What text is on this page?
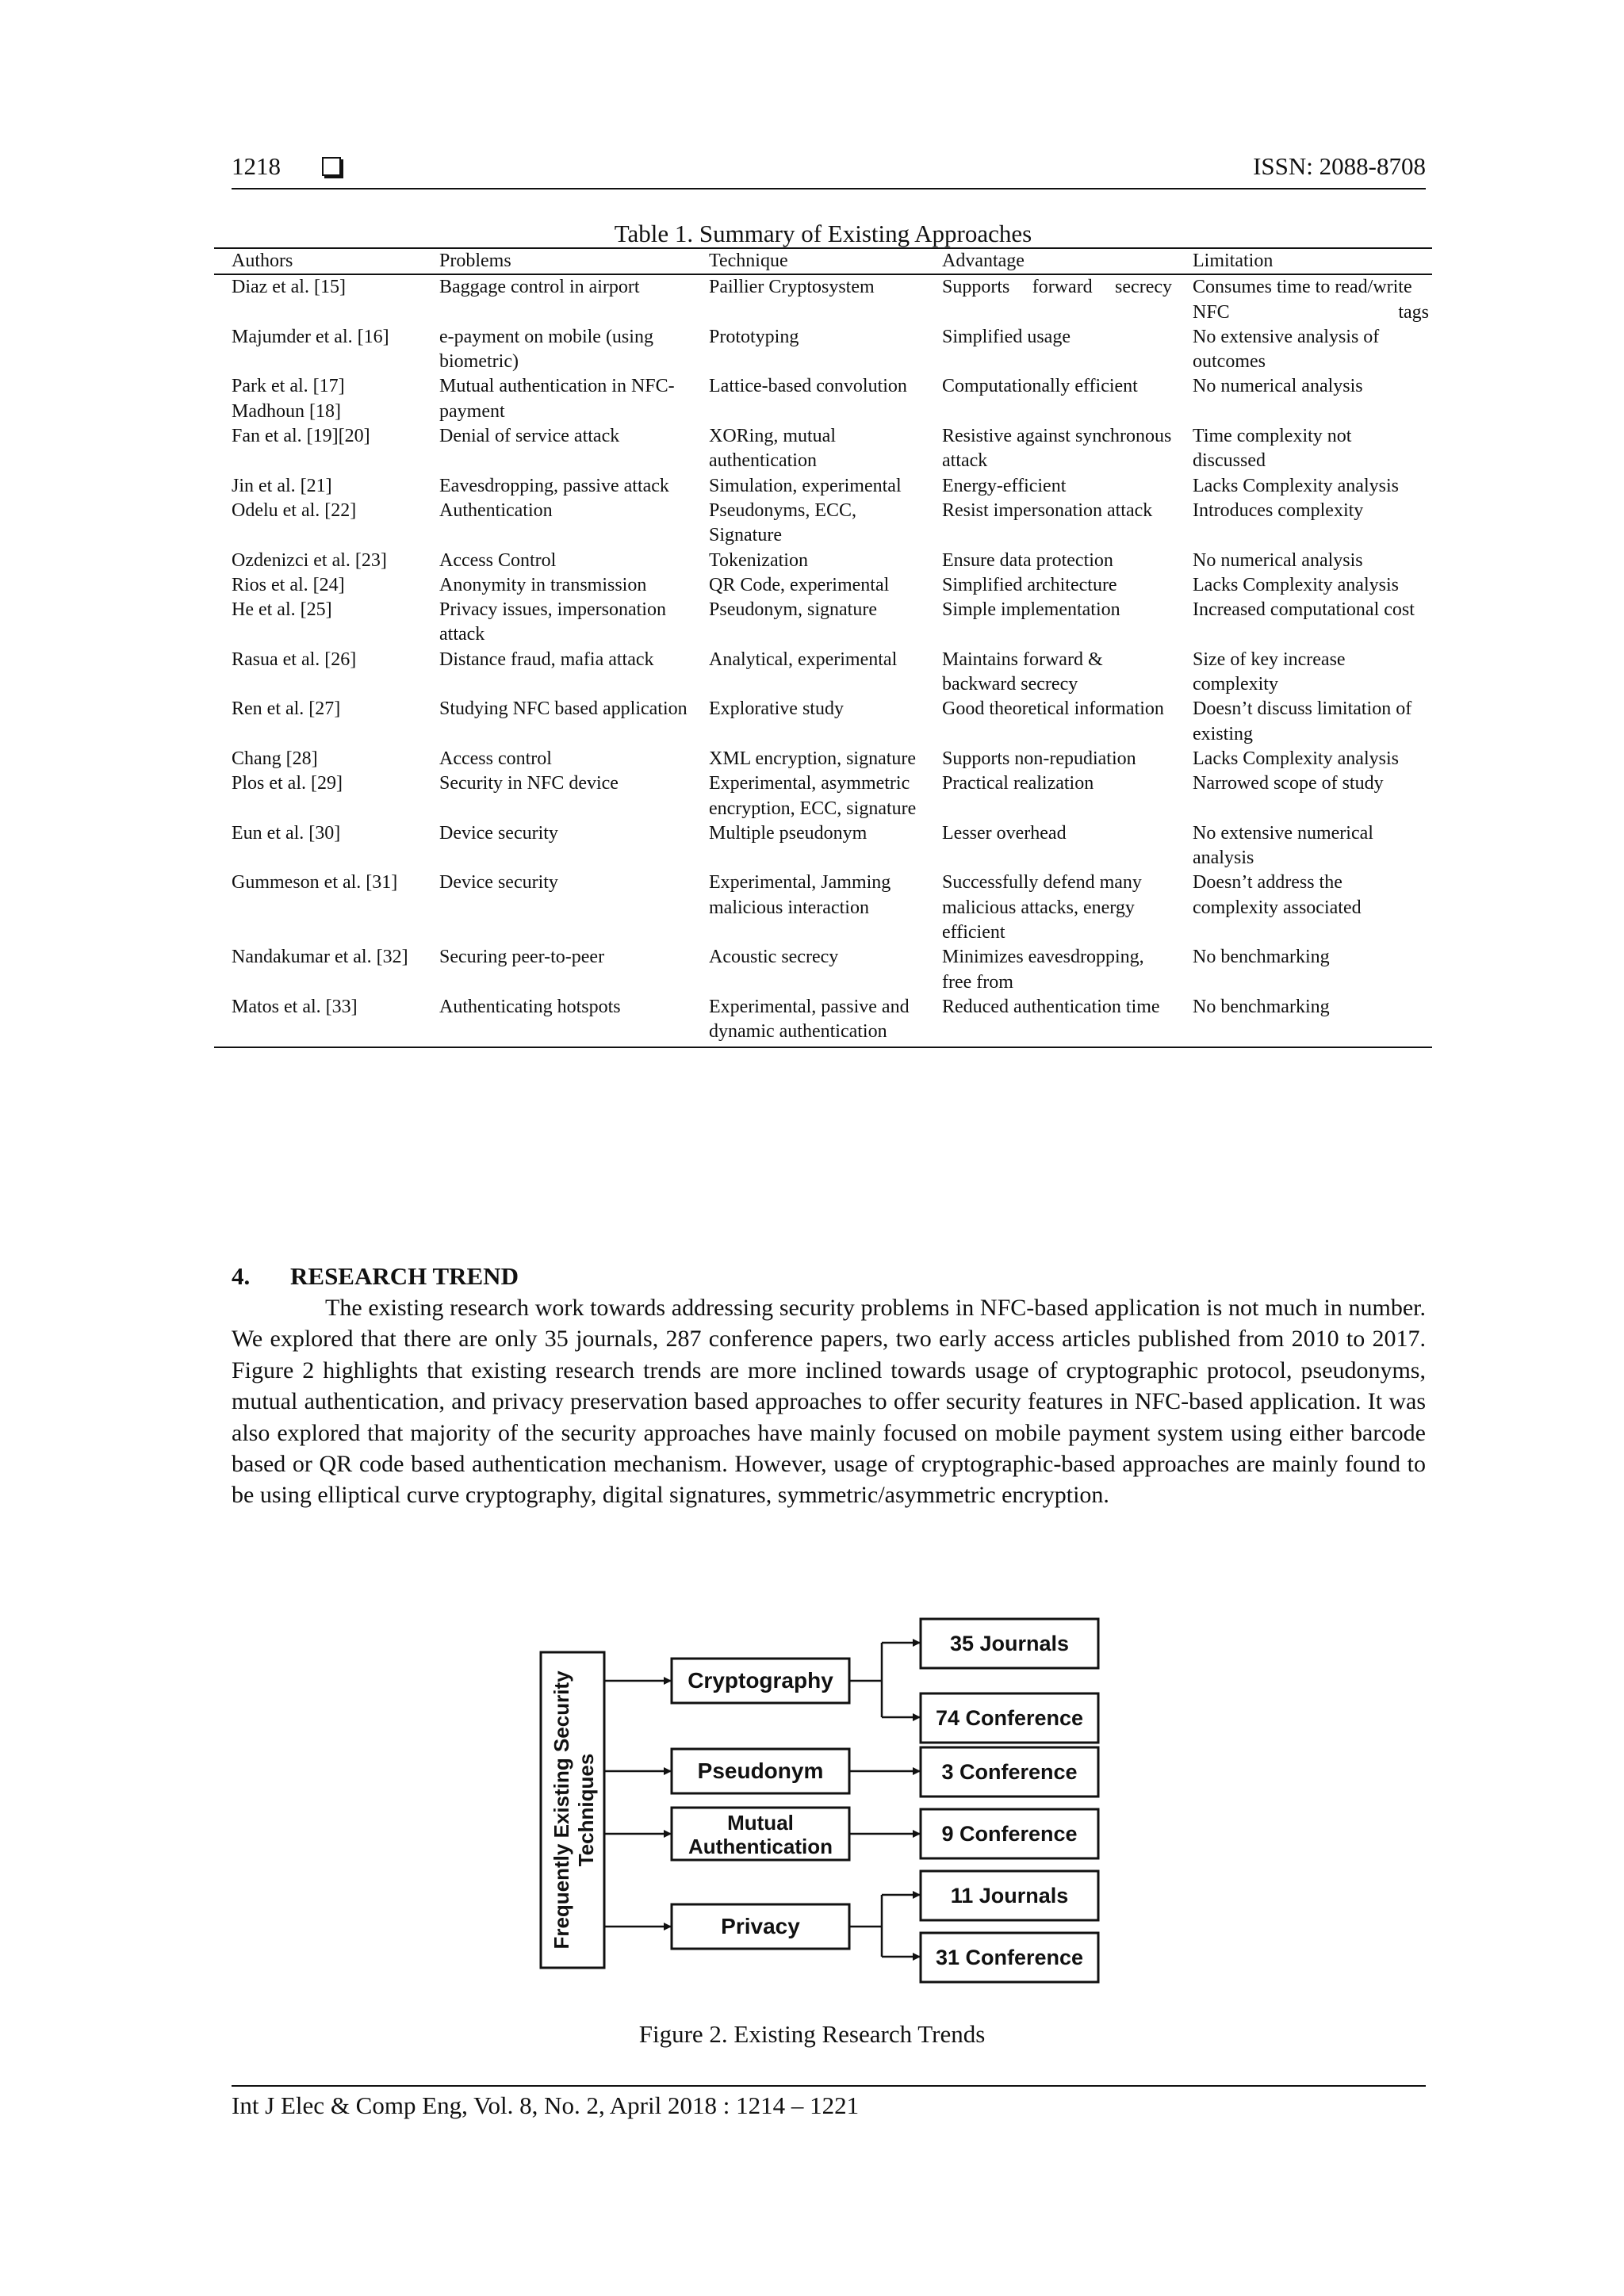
1218	ISSN: 2088-8708
Table 1. Summary of Existing Approaches
Authors	Problems	Technique	Advantage	Limitation
Diaz et al. [15]	Baggage control in airport	Paillier Cryptosystem	Supports forward secrecy	Consumes time to read/write NFC tags
Majumder et al. [16]	e-payment on mobile (using biometric)	Prototyping	Simplified usage	No extensive analysis of outcomes
Park et al. [17] Madhoun [18]	Mutual authentication in NFC-payment	Lattice-based convolution	Computationally efficient	No numerical analysis
Fan et al. [19][20]	Denial of service attack	XORing, mutual authentication	Resistive against synchronous attack	Time complexity not discussed
Jin et al. [21]	Eavesdropping, passive attack	Simulation, experimental	Energy-efficient	Lacks Complexity analysis
Odelu et al. [22]	Authentication	Pseudonyms, ECC, Signature	Resist impersonation attack	Introduces complexity
Ozdenizci et al. [23]	Access Control	Tokenization	Ensure data protection	No numerical analysis
Rios et al. [24]	Anonymity in transmission	QR Code, experimental	Simplified architecture	Lacks Complexity analysis
He et al. [25]	Privacy issues, impersonation attack	Pseudonym, signature	Simple implementation	Increased computational cost
Rasua et al. [26]	Distance fraud, mafia attack	Analytical, experimental	Maintains forward & backward secrecy	Size of key increase complexity
Ren et al. [27]	Studying NFC based application	Explorative study	Good theoretical information	Doesn’t discuss limitation of existing
Chang [28]	Access control	XML encryption, signature	Supports non-repudiation	Lacks Complexity analysis
Plos et al. [29]	Security in NFC device	Experimental, asymmetric encryption, ECC, signature	Practical realization	Narrowed scope of study
Eun et al. [30]	Device security	Multiple pseudonym	Lesser overhead	No extensive numerical analysis
Gummeson et al. [31]	Device security	Experimental, Jamming malicious interaction	Successfully defend many malicious attacks, energy efficient	Doesn’t address the complexity associated
Nandakumar et al. [32]	Securing peer-to-peer	Acoustic secrecy	Minimizes eavesdropping, free from	No benchmarking
Matos et al. [33]	Authenticating hotspots	Experimental, passive and dynamic authentication	Reduced authentication time	No benchmarking
4. RESEARCH TREND

The existing research work towards addressing security problems in NFC-based application is not much in number. We explored that there are only 35 journals, 287 conference papers, two early access articles published from 2010 to 2017. Figure 2 highlights that existing research trends are more inclined towards usage of cryptographic protocol, pseudonyms, mutual authentication, and privacy preservation based approaches to offer security features in NFC-based application. It was also explored that majority of the security approaches have mainly focused on mobile payment system using either barcode based or QR code based authentication mechanism. However, usage of cryptographic-based approaches are mainly found to be using elliptical curve cryptography, digital signatures, symmetric/asymmetric encryption.

Frequently Existing Security Techniques
Cryptography
Pseudonym
Mutual
Authentication
Privacy
35 Journals
74 Conference
3 Conference
9 Conference
11 Journals
31 Conference
Figure 2. Existing Research Trends
Int J Elec & Comp Eng, Vol. 8, No. 2, April 2018 : 1214 – 1221
